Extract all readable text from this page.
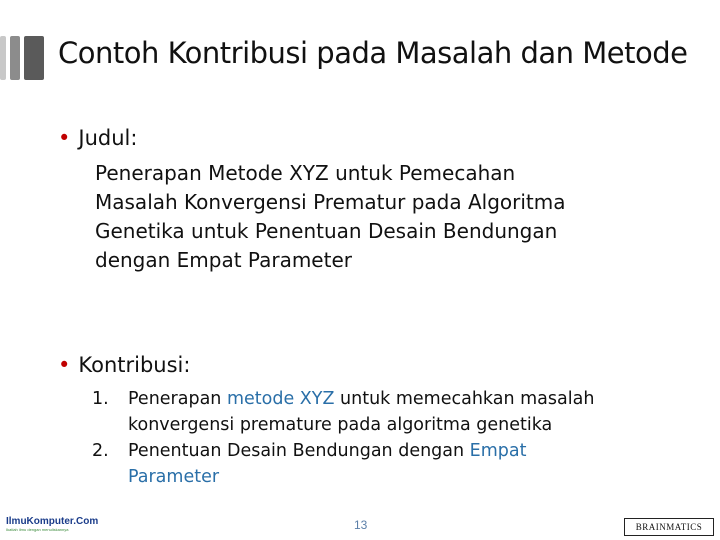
Contoh Kontribusi pada Masalah dan Metode
• Judul:
Penerapan Metode XYZ untuk Pemecahan
Masalah Konvergensi Prematur pada Algoritma
Genetika untuk Penentuan Desain Bendungan
dengan Empat Parameter
• Kontribusi:
1.	Penerapan metode XYZ untuk memecahkan masalah
konvergensi premature pada algoritma genetika
2.	Penentuan Desain Bendungan dengan Empat
Parameter
IlmuKomputer.Com
Ikatlah ilmu dengan menuliskannya	13	BRAINMATICS
